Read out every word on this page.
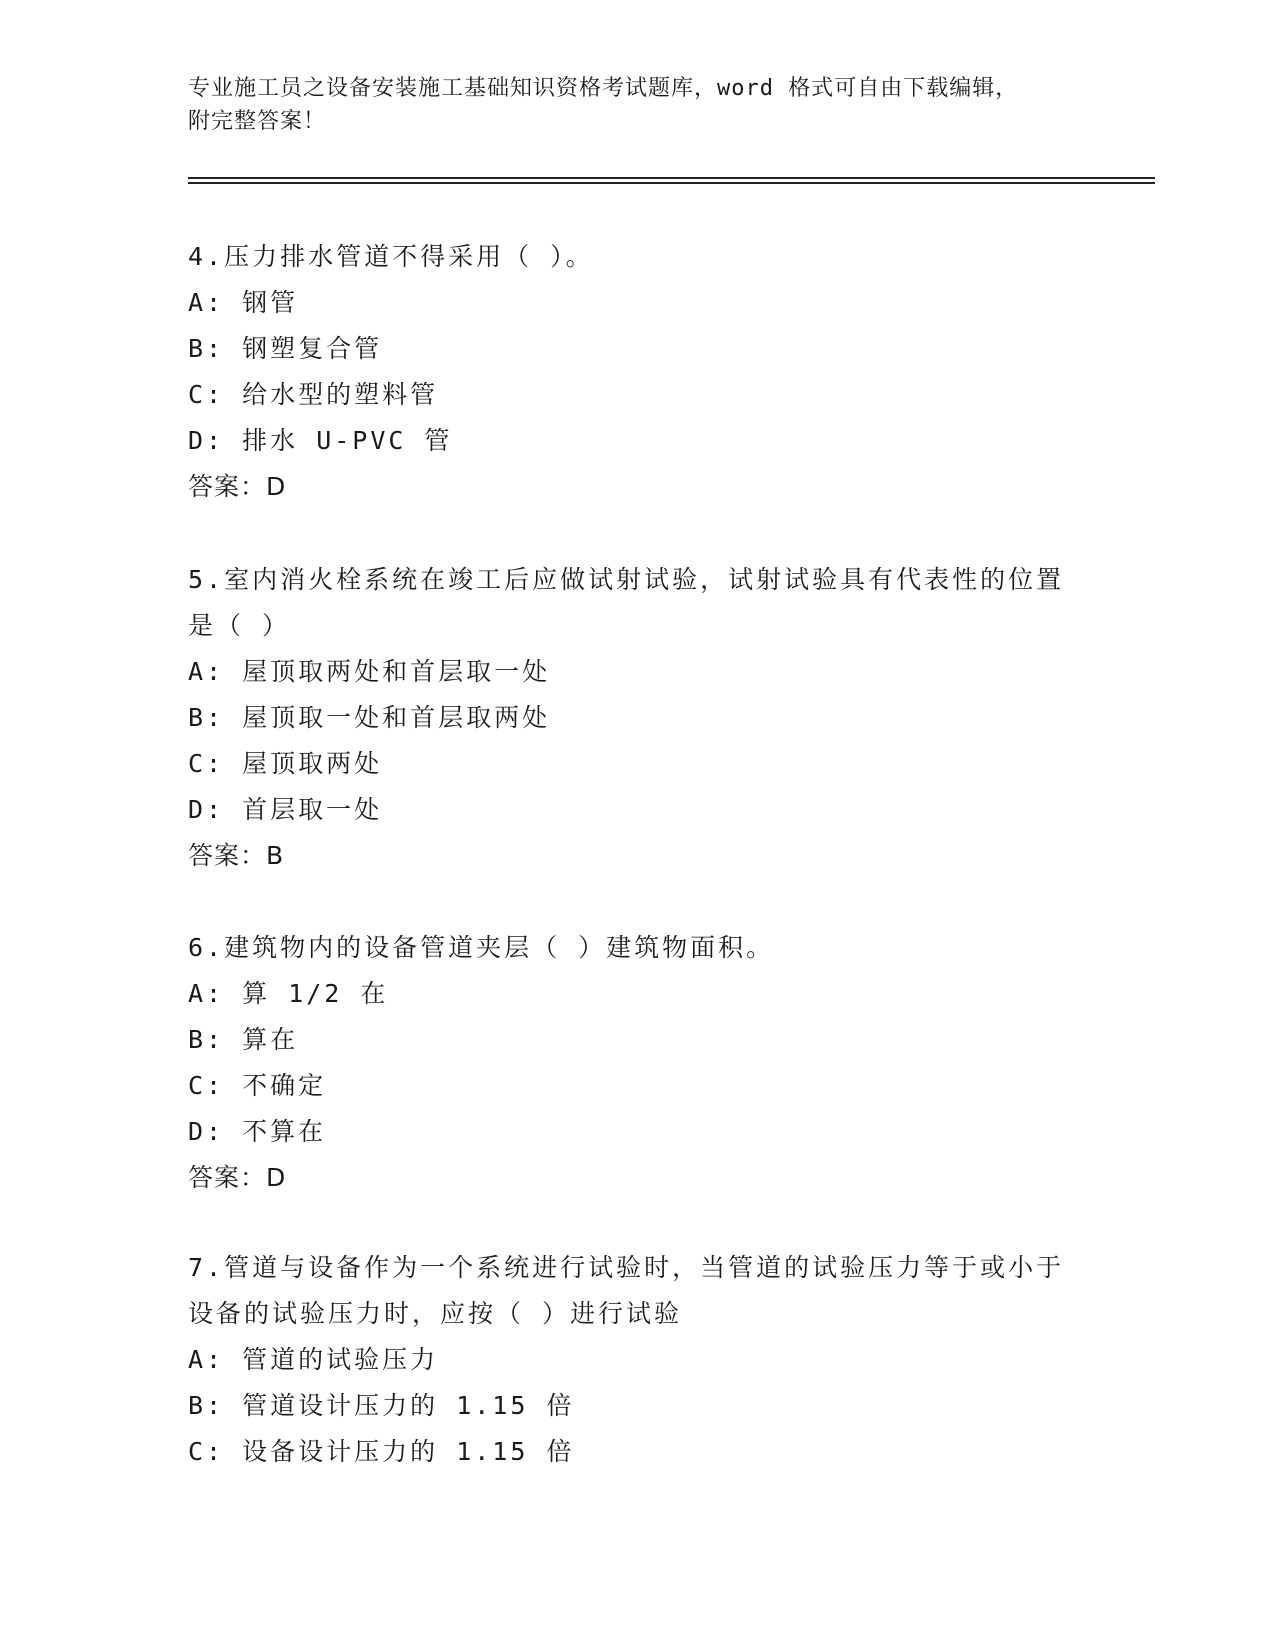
专业施工员之设备安装施工基础知识资格考试题库，word 格式可自由下载编辑，
附完整答案！

4.压力排水管道不得采用（ ）。

A: 钢管

B: 钢塑复合管

C: 给水型的塑料管

D: 排水 U-PVC 管

答案：D

5.室内消火栓系统在竣工后应做试射试验，试射试验具有代表性的位置是（ ）

A: 屋顶取两处和首层取一处

B: 屋顶取一处和首层取两处

C: 屋顶取两处

D: 首层取一处

答案：B

6.建筑物内的设备管道夹层（ ）建筑物面积。

A: 算 1/2 在

B: 算在

C: 不确定

D: 不算在

答案：D

7.管道与设备作为一个系统进行试验时，当管道的试验压力等于或小于设备的试验压力时，应按（ ）进行试验

A: 管道的试验压力

B: 管道设计压力的 1.15 倍

C: 设备设计压力的 1.15 倍
